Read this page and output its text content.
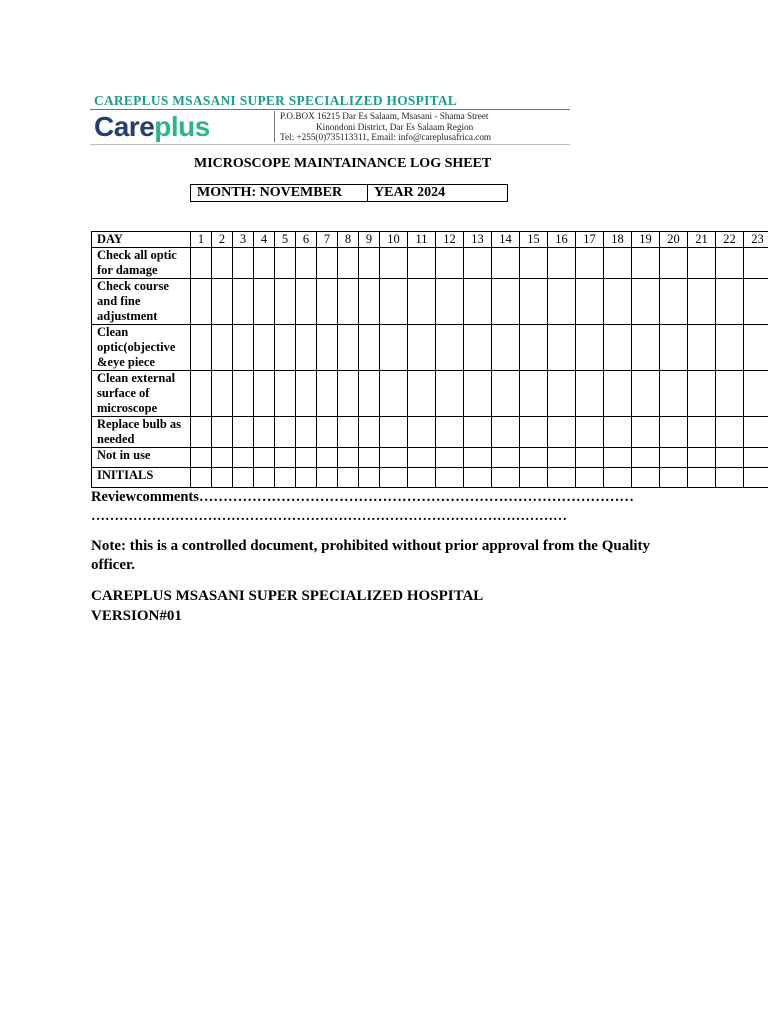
CAREPLUS MSASANI SUPER SPECIALIZED HOSPITAL
Careplus	P.O.BOX 16215 Dar Es Salaam, Msasani - Shama Street
Kinondoni District, Dar Es Salaam Region
Tel: +255(0)735113311, Email: info@careplusafrica.com
MICROSCOPE MAINTAINANCE LOG SHEET
MONTH: NOVEMBER	YEAR 2024
DAY	1	2	3	4	5	6	7	8	9	10	11	12	13	14	15	16	17	18	19	20	21	22	23
Check all optic for damage																							
Check course and fine adjustment																							
Clean optic(objective &eye piece																							
Clean external surface of microscope																							
Replace bulb as needed																							
Not in use																							
INITIALS																							
Reviewcomments………………………………………………………………………………
…………………………………………………………………………………………
Note: this is a controlled document, prohibited without prior approval from the Quality officer.
CAREPLUS MSASANI SUPER SPECIALIZED HOSPITAL
VERSION#01
